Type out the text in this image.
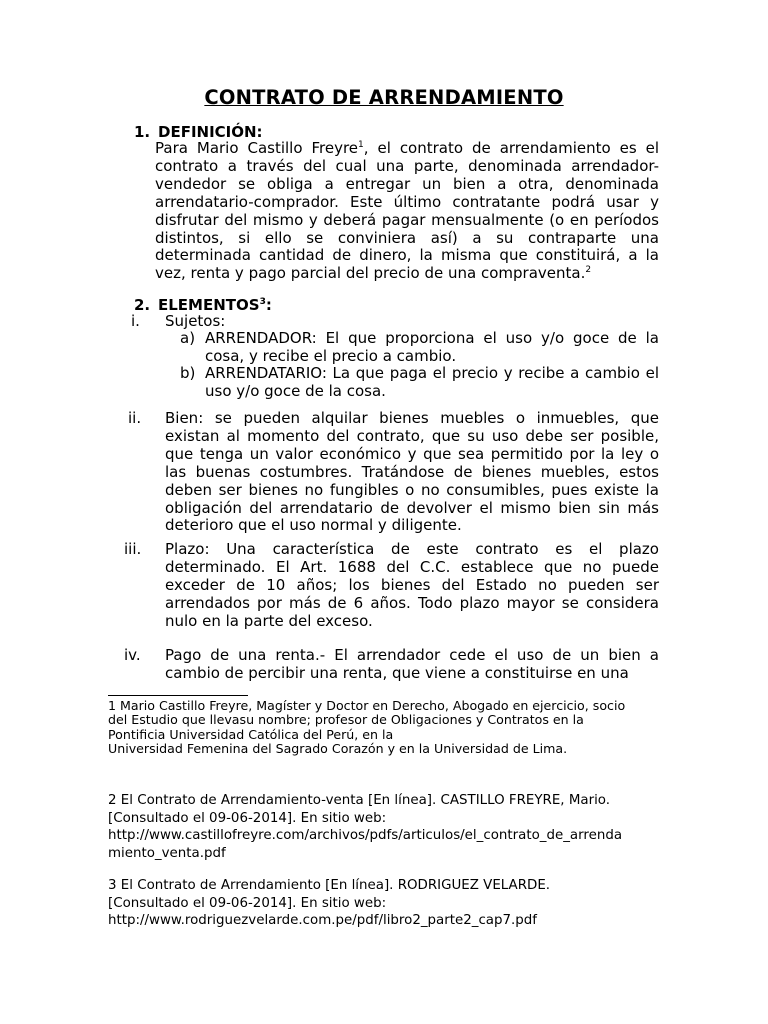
CONTRATO DE ARRENDAMIENTO
1. DEFINICIÓN:
Para Mario Castillo Freyre$^1$, el contrato de arrendamiento es el contrato a través del cual una parte, denominada arrendador-vendedor se obliga a entregar un bien a otra, denominada arrendatario-comprador. Este último contratante podrá usar y disfrutar del mismo y deberá pagar mensualmente (o en períodos distintos, si ello se conviniera así) a su contraparte una determinada cantidad de dinero, la misma que constituirá, a la vez, renta y pago parcial del precio de una compraventa.$^2$
2. ELEMENTOS$^3$:
i. Sujetos:
a) ARRENDADOR: El que proporciona el uso y/o goce de la cosa, y recibe el precio a cambio.
b) ARRENDATARIO: La que paga el precio y recibe a cambio el uso y/o goce de la cosa.
ii. Bien: se pueden alquilar bienes muebles o inmuebles, que existan al momento del contrato, que su uso debe ser posible, que tenga un valor económico y que sea permitido por la ley o las buenas costumbres. Tratándose de bienes muebles, estos deben ser bienes no fungibles o no consumibles, pues existe la obligación del arrendatario de devolver el mismo bien sin más deterioro que el uso normal y diligente.
iii. Plazo: Una característica de este contrato es el plazo determinado. El Art. 1688 del C.C. establece que no puede exceder de 10 años; los bienes del Estado no pueden ser arrendados por más de 6 años. Todo plazo mayor se considera nulo en la parte del exceso.
iv. Pago de una renta.- El arrendador cede el uso de un bien a cambio de percibir una renta, que viene a constituirse en una
1 Mario Castillo Freyre, Magíster y Doctor en Derecho, Abogado en ejercicio, socio
del Estudio que llevasu nombre; profesor de Obligaciones y Contratos en la
Pontificia Universidad Católica del Perú, en la
Universidad Femenina del Sagrado Corazón y en la Universidad de Lima.
2 El Contrato de Arrendamiento-venta [En línea]. CASTILLO FREYRE, Mario.
[Consultado el 09-06-2014]. En sitio web:
http://www.castillofreyre.com/archivos/pdfs/articulos/el_contrato_de_arrenda
miento_venta.pdf
3 El Contrato de Arrendamiento [En línea]. RODRIGUEZ VELARDE.
[Consultado el 09-06-2014]. En sitio web:
http://www.rodriguezvelarde.com.pe/pdf/libro2_parte2_cap7.pdf
